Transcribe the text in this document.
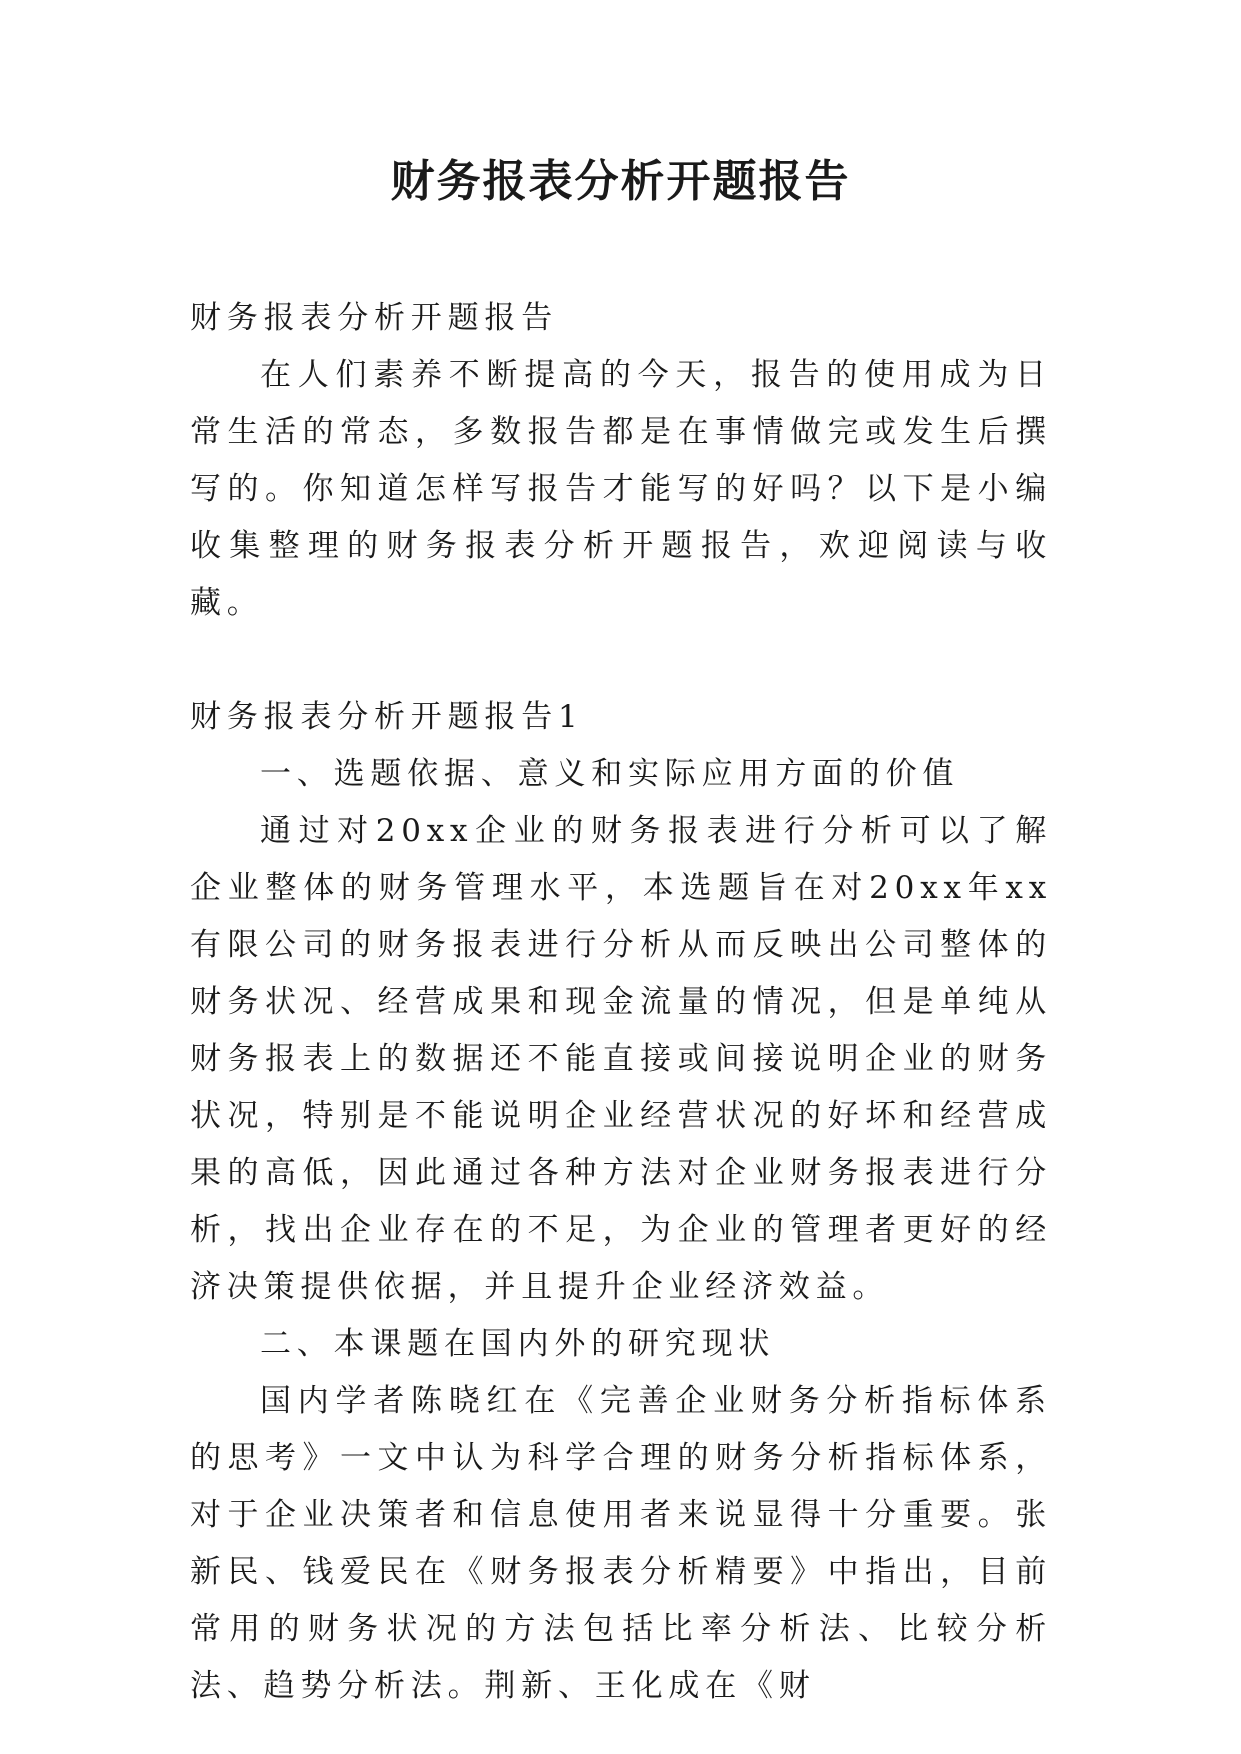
财务报表分析开题报告

财务报表分析开题报告

在人们素养不断提高的今天，报告的使用成为日常生活的常态，多数报告都是在事情做完或发生后撰写的。你知道怎样写报告才能写的好吗？以下是小编收集整理的财务报表分析开题报告，欢迎阅读与收藏。

财务报表分析开题报告1

一、选题依据、意义和实际应用方面的价值

通过对20xx企业的财务报表进行分析可以了解企业整体的财务管理水平，本选题旨在对20xx年xx有限公司的财务报表进行分析从而反映出公司整体的财务状况、经营成果和现金流量的情况，但是单纯从财务报表上的数据还不能直接或间接说明企业的财务状况，特别是不能说明企业经营状况的好坏和经营成果的高低，因此通过各种方法对企业财务报表进行分析，找出企业存在的不足，为企业的管理者更好的经济决策提供依据，并且提升企业经济效益。

二、本课题在国内外的研究现状

国内学者陈晓红在《完善企业财务分析指标体系的思考》一文中认为科学合理的财务分析指标体系，对于企业决策者和信息使用者来说显得十分重要。张新民、钱爱民在《财务报表分析精要》中指出，目前常用的财务状况的方法包括比率分析法、比较分析法、趋势分析法。荆新、王化成在《财
